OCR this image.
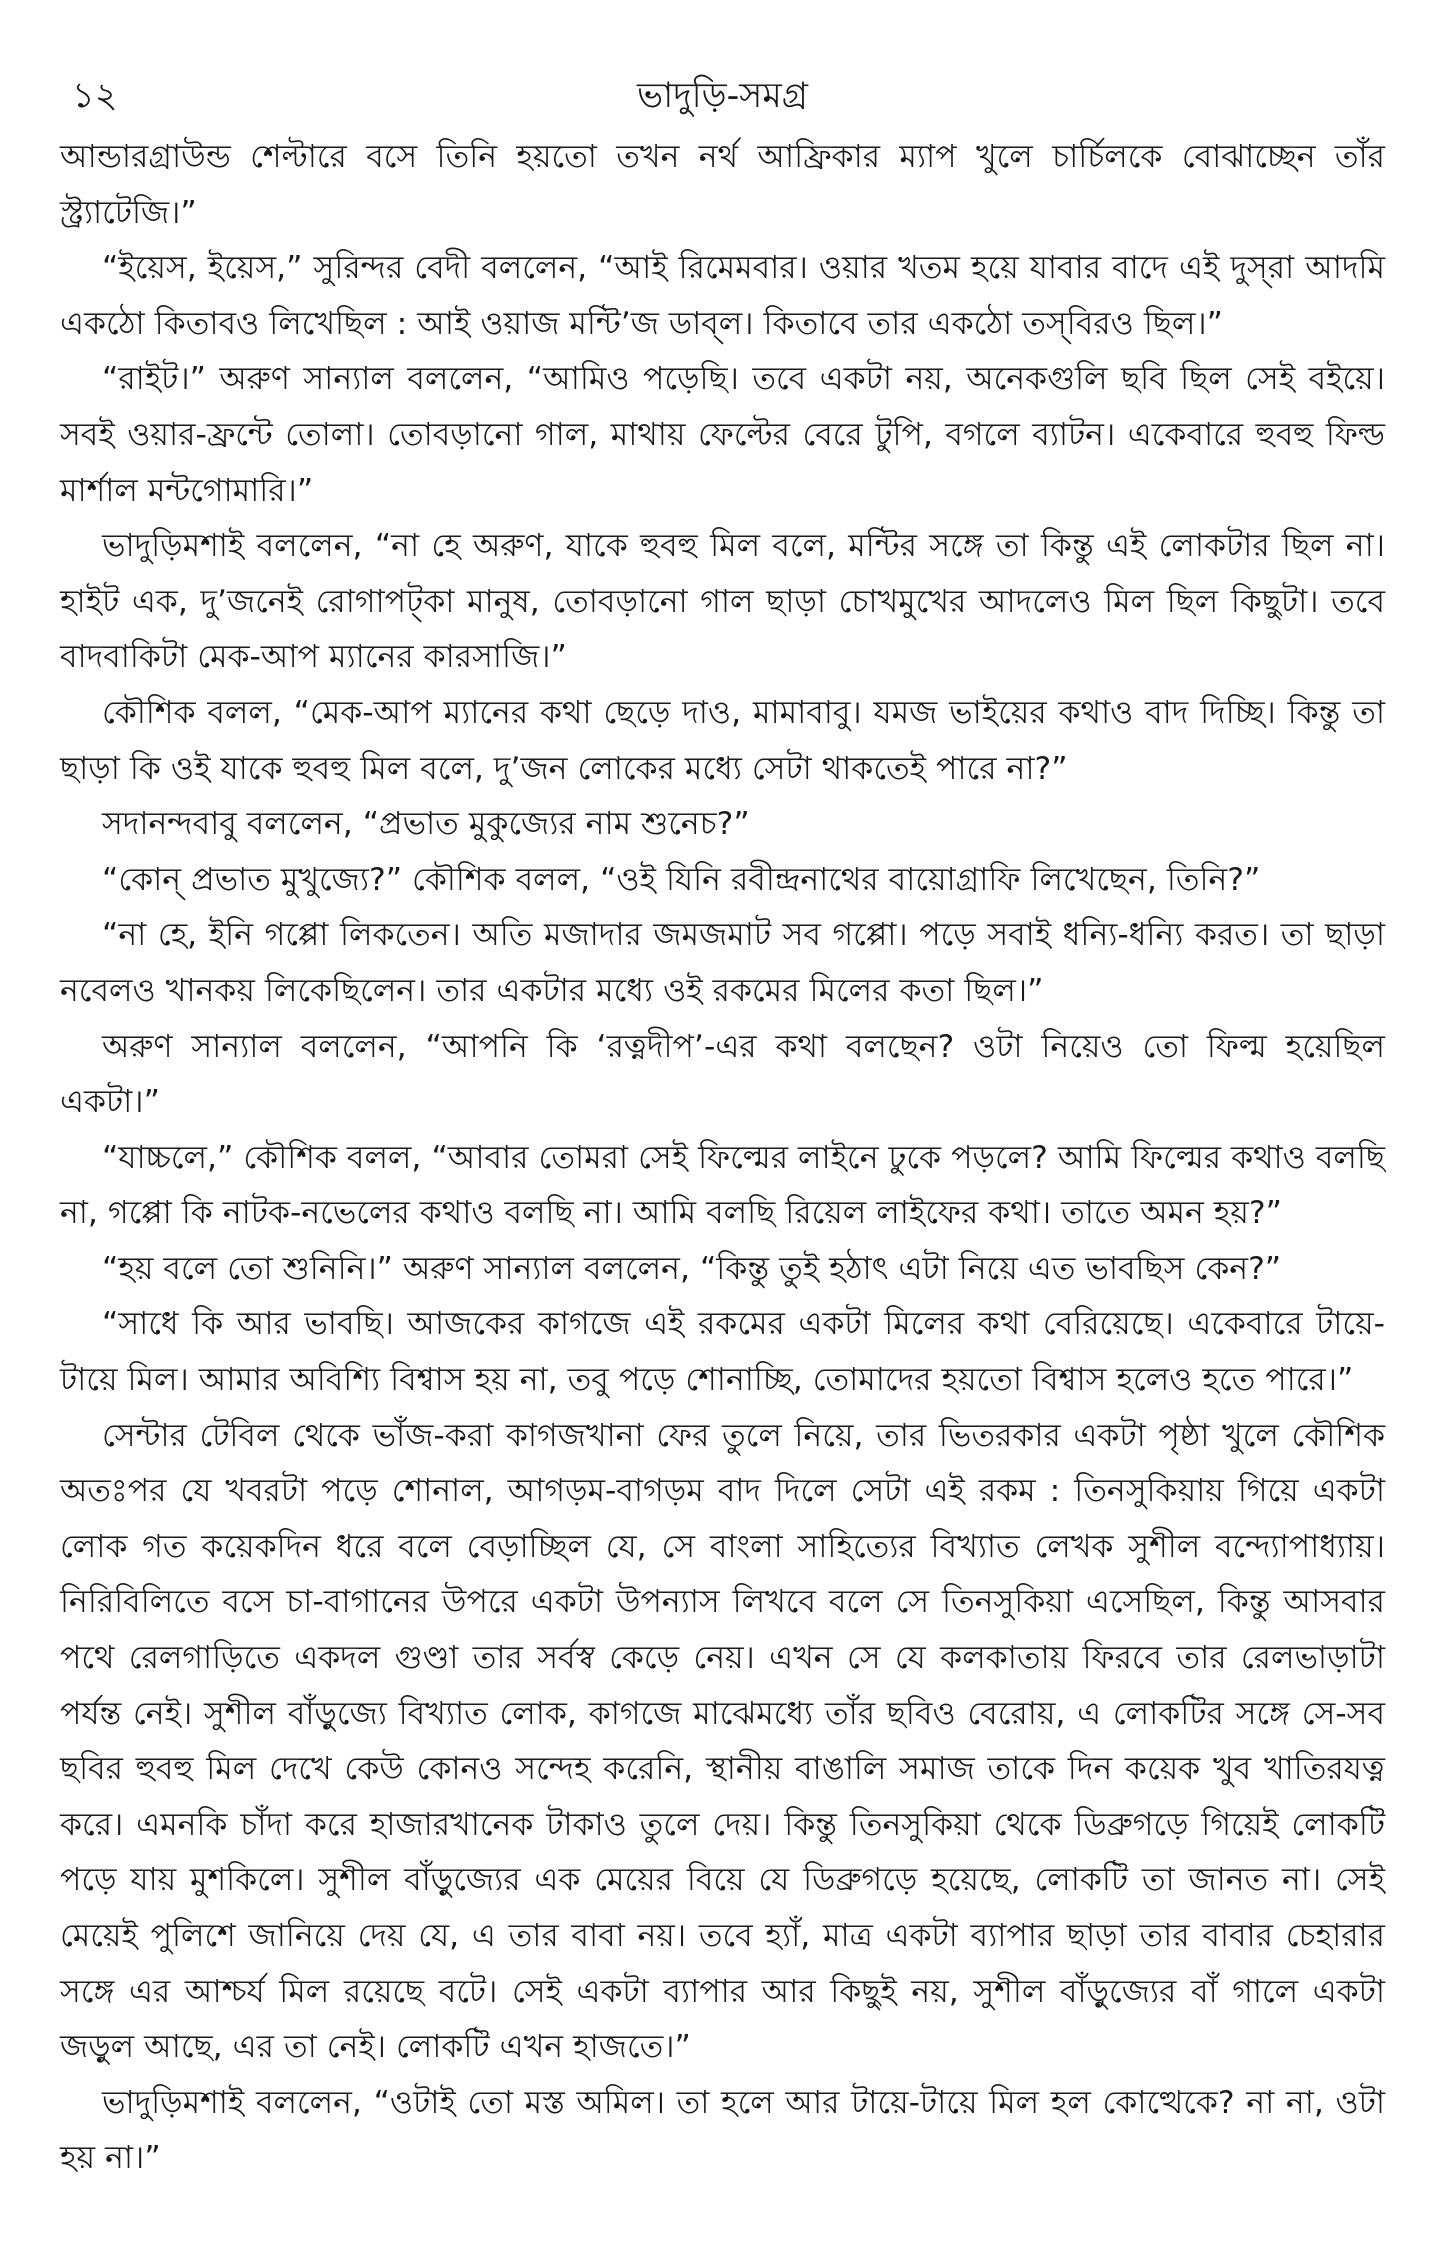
১২	ভাদুড়ি-সমগ্র

আন্ডারগ্রাউন্ড শেল্টারে বসে তিনি হয়তো তখন নর্থ আফ্রিকার ম্যাপ খুলে চার্চিলকে বোঝাচ্ছেন তাঁর স্ট্র্যাটেজি।”

“ইয়েস, ইয়েস,” সুরিন্দর বেদী বললেন, “আই রিমেমবার। ওয়ার খতম হয়ে যাবার বাদে এই দুস্‌রা আদমি একঠো কিতাবও লিখেছিল : আই ওয়াজ মন্টি’জ ডাব্‌ল। কিতাবে তার একঠো তস্‌বিরও ছিল।”

“রাইট।” অরুণ সান্যাল বললেন, “আমিও পড়েছি। তবে একটা নয়, অনেকগুলি ছবি ছিল সেই বইয়ে। সবই ওয়ার-ফ্রন্টে তোলা। তোবড়ানো গাল, মাথায় ফেল্টের বেরে টুপি, বগলে ব্যাটন। একেবারে হুবহু ফিল্ড মার্শাল মন্টগোমারি।”

ভাদুড়িমশাই বললেন, “না হে অরুণ, যাকে হুবহু মিল বলে, মন্টির সঙ্গে তা কিন্তু এই লোকটার ছিল না। হাইট এক, দু’জনেই রোগাপট্‌কা মানুষ, তোবড়ানো গাল ছাড়া চোখমুখের আদলেও মিল ছিল কিছুটা। তবে বাদবাকিটা মেক-আপ ম্যানের কারসাজি।”

কৌশিক বলল, “মেক-আপ ম্যানের কথা ছেড়ে দাও, মামাবাবু। যমজ ভাইয়ের কথাও বাদ দিচ্ছি। কিন্তু তা ছাড়া কি ওই যাকে হুবহু মিল বলে, দু’জন লোকের মধ্যে সেটা থাকতেই পারে না?”

সদানন্দবাবু বললেন, “প্রভাত মুকুজ্যের নাম শুনেচ?”

“কোন্‌ প্রভাত মুখুজ্যে?” কৌশিক বলল, “ওই যিনি রবীন্দ্রনাথের বায়োগ্রাফি লিখেছেন, তিনি?”

“না হে, ইনি গপ্পো লিকতেন। অতি মজাদার জমজমাট সব গপ্পো। পড়ে সবাই ধন্যি-ধন্যি করত। তা ছাড়া নবেলও খানকয় লিকেছিলেন। তার একটার মধ্যে ওই রকমের মিলের কতা ছিল।”

অরুণ সান্যাল বললেন, “আপনি কি ‘রত্নদীপ’-এর কথা বলছেন? ওটা নিয়েও তো ফিল্ম হয়েছিল একটা।”

“যাচ্চলে,” কৌশিক বলল, “আবার তোমরা সেই ফিল্মের লাইনে ঢুকে পড়লে? আমি ফিল্মের কথাও বলছি না, গপ্পো কি নাটক-নভেলের কথাও বলছি না। আমি বলছি রিয়েল লাইফের কথা। তাতে অমন হয়?”

“হয় বলে তো শুনিনি।” অরুণ সান্যাল বললেন, “কিন্তু তুই হঠাৎ এটা নিয়ে এত ভাবছিস কেন?”

“সাধে কি আর ভাবছি। আজকের কাগজে এই রকমের একটা মিলের কথা বেরিয়েছে। একেবারে টায়ে-টায়ে মিল। আমার অবিশ্যি বিশ্বাস হয় না, তবু পড়ে শোনাচ্ছি, তোমাদের হয়তো বিশ্বাস হলেও হতে পারে।”

সেন্টার টেবিল থেকে ভাঁজ-করা কাগজখানা ফের তুলে নিয়ে, তার ভিতরকার একটা পৃষ্ঠা খুলে কৌশিক অতঃপর যে খবরটা পড়ে শোনাল, আগড়ম-বাগড়ম বাদ দিলে সেটা এই রকম : তিনসুকিয়ায় গিয়ে একটা লোক গত কয়েকদিন ধরে বলে বেড়াচ্ছিল যে, সে বাংলা সাহিত্যের বিখ্যাত লেখক সুশীল বন্দ্যোপাধ্যায়। নিরিবিলিতে বসে চা-বাগানের উপরে একটা উপন্যাস লিখবে বলে সে তিনসুকিয়া এসেছিল, কিন্তু আসবার পথে রেলগাড়িতে একদল গুণ্ডা তার সর্বস্ব কেড়ে নেয়। এখন সে যে কলকাতায় ফিরবে তার রেলভাড়াটা পর্যন্ত নেই। সুশীল বাঁড়ুজ্যে বিখ্যাত লোক, কাগজে মাঝেমধ্যে তাঁর ছবিও বেরোয়, এ লোকটির সঙ্গে সে-সব ছবির হুবহু মিল দেখে কেউ কোনও সন্দেহ করেনি, স্থানীয় বাঙালি সমাজ তাকে দিন কয়েক খুব খাতিরযত্ন করে। এমনকি চাঁদা করে হাজারখানেক টাকাও তুলে দেয়। কিন্তু তিনসুকিয়া থেকে ডিব্রুগড়ে গিয়েই লোকটি পড়ে যায় মুশকিলে। সুশীল বাঁড়ুজ্যের এক মেয়ের বিয়ে যে ডিব্রুগড়ে হয়েছে, লোকটি তা জানত না। সেই মেয়েই পুলিশে জানিয়ে দেয় যে, এ তার বাবা নয়। তবে হ্যাঁ, মাত্র একটা ব্যাপার ছাড়া তার বাবার চেহারার সঙ্গে এর আশ্চর্য মিল রয়েছে বটে। সেই একটা ব্যাপার আর কিছুই নয়, সুশীল বাঁড়ুজ্যের বাঁ গালে একটা জড়ুল আছে, এর তা নেই। লোকটি এখন হাজতে।”

ভাদুড়িমশাই বললেন, “ওটাই তো মস্ত অমিল। তা হলে আর টায়ে-টায়ে মিল হল কোত্থেকে? না না, ওটা হয় না।”
